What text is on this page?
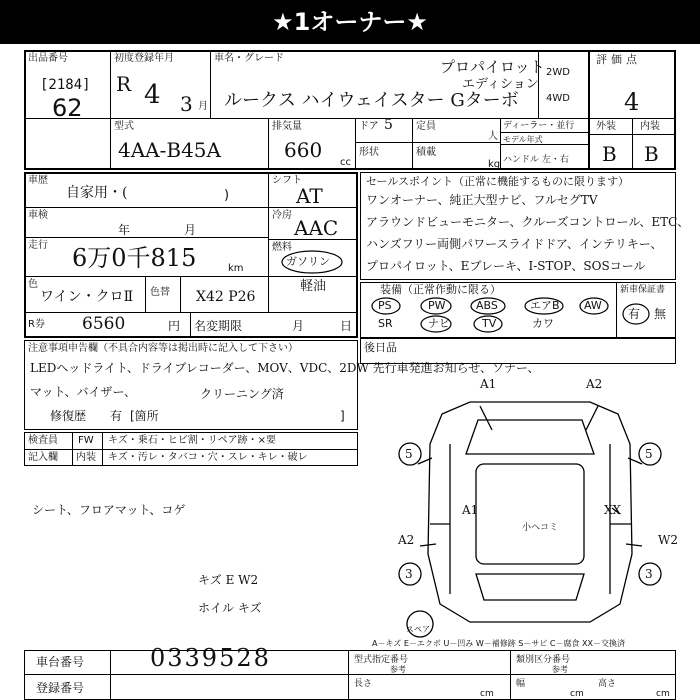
★1オーナー★
出品番号
[2184]
62
初度登録年月
R 4 3 月
車名・グレード	プロパイロット
エディション
ルークス ハイウェイスター Gターボ
2WD
4WD
評価点
4
外装 内装
B B
型式
4AA-B45A
排気量
660
cc
ドア 5 定員
人
形状	積載
kg
ディーラー・並行
モデル年式
ハンドル 左・右
車歴
自家用・(	)
車検
年	月
走行 6万0千815	km
色
ワイン・クロⅡ 色替 X42 P26
シフト
AT
冷房
AAC
燃料
ガソリン
軽油
R券 6560	円 名変期限	月	日
セールスポイント（正常に機能するものに限ります）
ワンオーナー、純正大型ナビ、フルセグTV
アラウンドビューモニター、クルーズコントロール、ETC、
ハンズフリー両側パワースライドドア、インテリキー、
プロパイロット、Eブレーキ、I-STOP、SOSコール
装備（正常作動に限る）	新車保証書
PS	PW	ABS	エアB AW
SR	ナビ	TV	カワ
有 無
後日品
注意事項申告欄（不具合内容等は掲出時に記入して下さい）
LEDヘッドライト、ドライブレコーダー、MOV、VDC、2DW 先行車発進お知らせ、ソナー、
マット、バイザー、	クリーニング済
修復歴 有 [箇所	]
検査員 FW キズ・乗石・ヒビ割・リペア跡・×要
記入欄 内装 キズ・汚レ・タバコ・穴・スレ・キレ・破レ
シート、フロアマット、コゲ
キズ E W2
ホイル キズ
A1	A2
5	5
A1
小ヘコミ
XX
A2	W2
3	3
スペア
A－キズ E－エクボ U－凹み W－補修跡 S－サビ C－腐食 XX－交換済
車台番号	0339528
登録番号
型式指定番号
参考
類別区分番号
参考
長さ
cm
幅
cm
高さ
cm
